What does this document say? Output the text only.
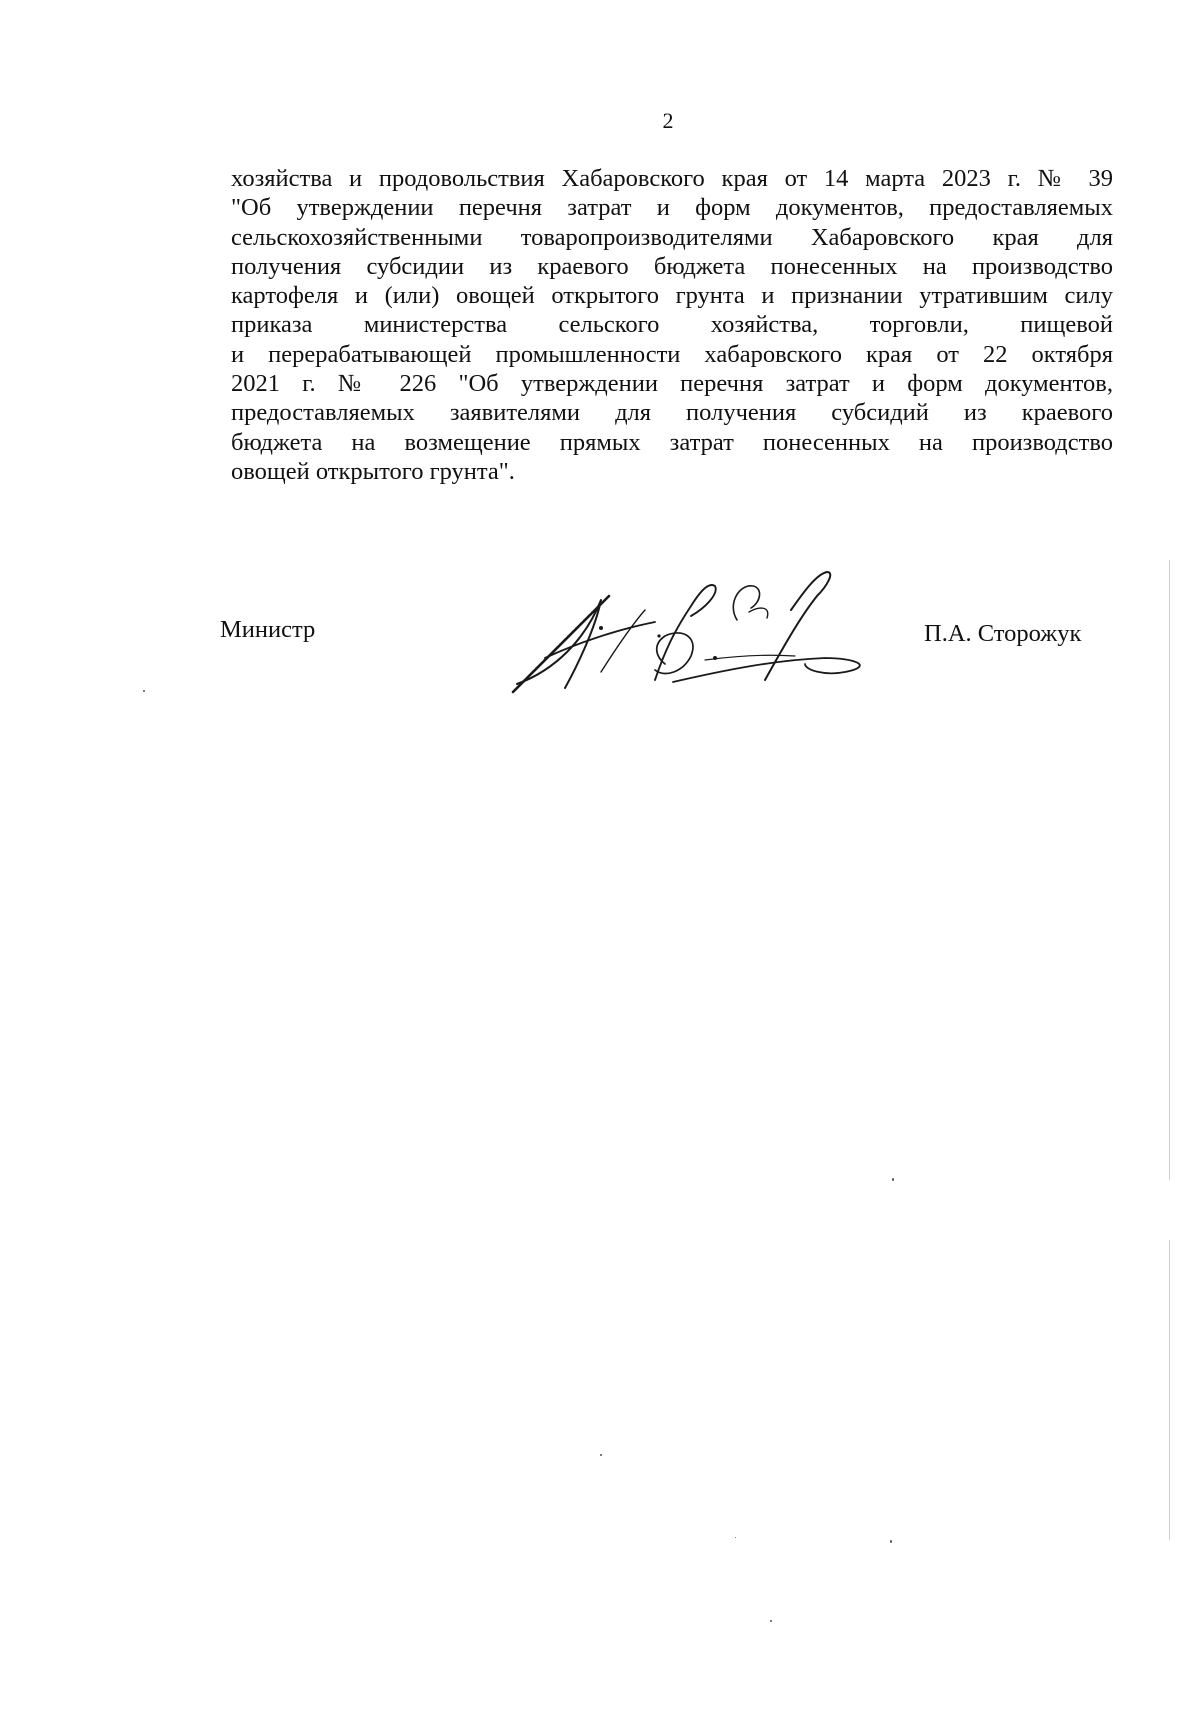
2
хозяйства и продовольствия Хабаровского края от 14 марта 2023 г. № 39
"Об утверждении перечня затрат и форм документов, предоставляемых
сельскохозяйственными товаропроизводителями Хабаровского края для
получения субсидии из краевого бюджета понесенных на производство
картофеля и (или) овощей открытого грунта и признании утратившим силу
приказа министерства сельского хозяйства, торговли, пищевой
и перерабатывающей промышленности хабаровского края от 22 октября
2021 г. № 226 "Об утверждении перечня затрат и форм документов,
предоставляемых заявителями для получения субсидий из краевого
бюджета на возмещение прямых затрат понесенных на производство
овощей открытого грунта".
Министр	П.А. Сторожук
